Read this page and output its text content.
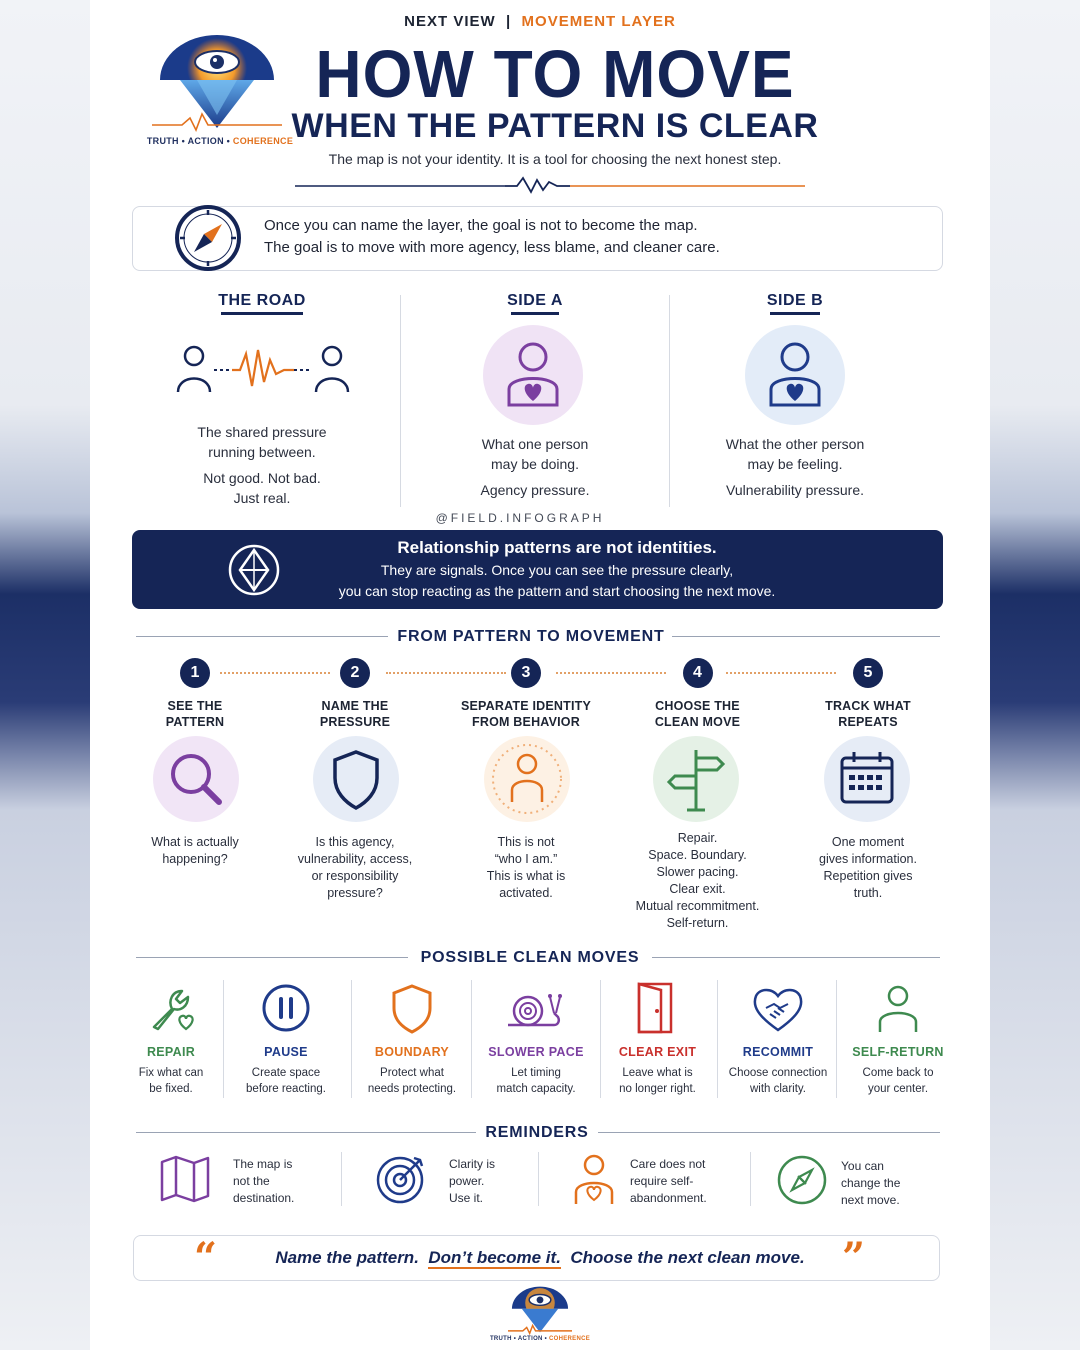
TRUTH • ACTION • COHERENCE
NEXT VIEW | MOVEMENT LAYER
HOW TO MOVE
WHEN THE PATTERN IS CLEAR
The map is not your identity. It is a tool for choosing the next honest step.
Once you can name the layer, the goal is not to become the map.
The goal is to move with more agency, less blame, and cleaner care.
THE ROAD
The shared pressure
running between.
Not good. Not bad.
Just real.
SIDE A
What one person
may be doing.
Agency pressure.
SIDE B
What the other person
may be feeling.
Vulnerability pressure.
@FIELD.INFOGRAPH
Relationship patterns are not identities.
They are signals. Once you can see the pressure clearly,
you can stop reacting as the pattern and start choosing the next move.
FROM PATTERN TO MOVEMENT
1
SEE THE
PATTERN
What is actually
happening?
2
NAME THE
PRESSURE
Is this agency,
vulnerability, access,
or responsibility
pressure?
3
SEPARATE IDENTITY
FROM BEHAVIOR
This is not
“who I am.”
This is what is
activated.
4
CHOOSE THE
CLEAN MOVE
Repair.
Space. Boundary.
Slower pacing.
Clear exit.
Mutual recommitment.
Self-return.
5
TRACK WHAT
REPEATS
One moment
gives information.
Repetition gives
truth.
POSSIBLE CLEAN MOVES
REPAIR
Fix what can
be fixed.
PAUSE
Create space
before reacting.
BOUNDARY
Protect what
needs protecting.
SLOWER PACE
Let timing
match capacity.
CLEAR EXIT
Leave what is
no longer right.
RECOMMIT
Choose connection
with clarity.
SELF-RETURN
Come back to
your center.
REMINDERS
The map is
not the
destination.
Clarity is
power.
Use it.
Care does not
require self-
abandonment.
You can
change the
next move.
“	”
Name the pattern. Don’t become it. Choose the next clean move.
TRUTH • ACTION • COHERENCE
